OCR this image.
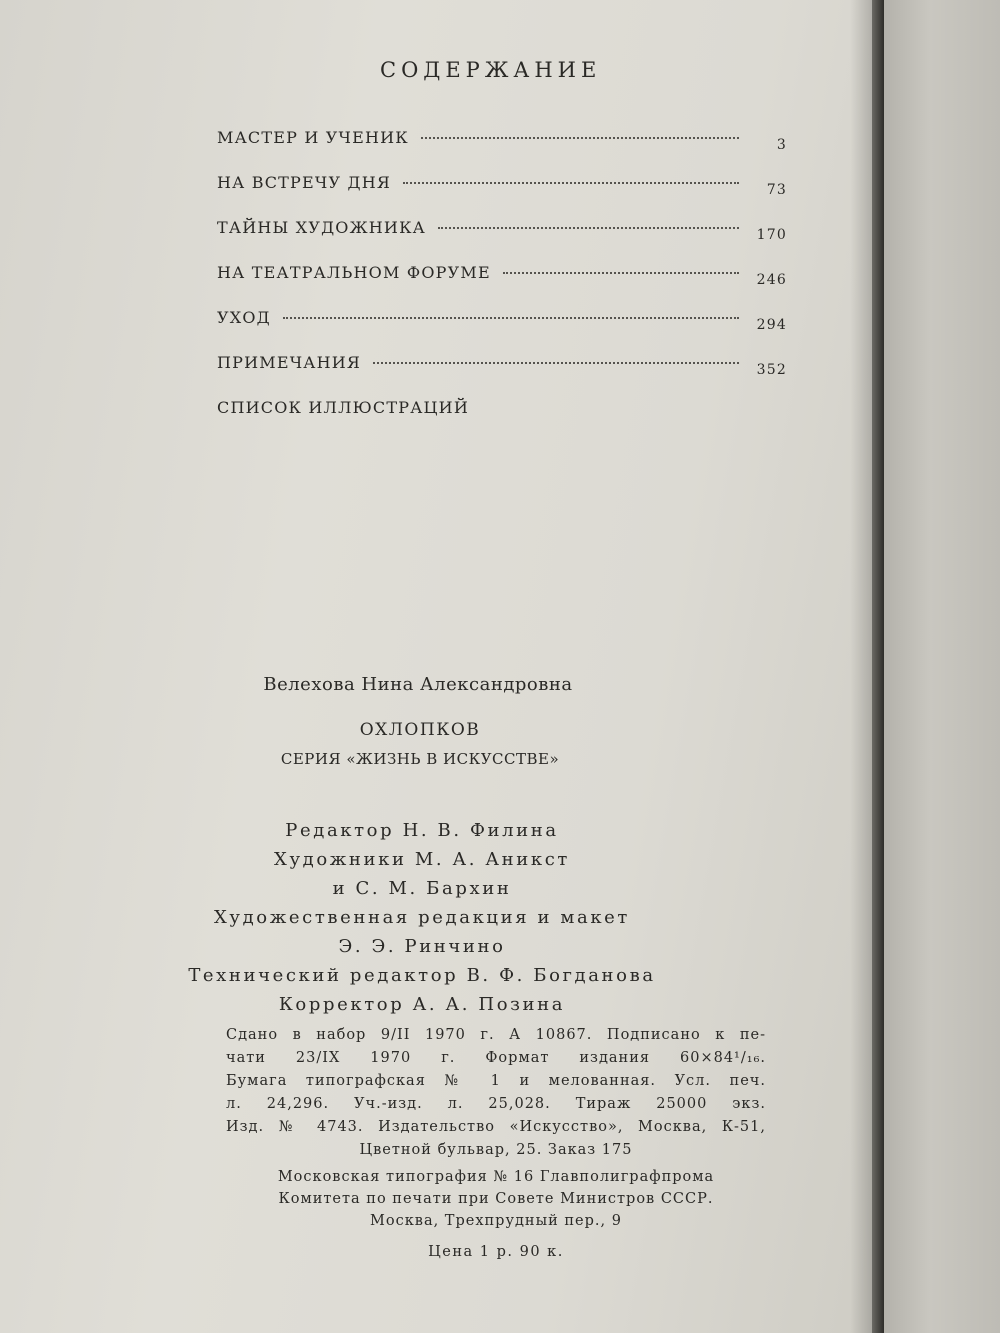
СОДЕРЖАНИЕ
МАСТЕР И УЧЕНИК	3
НА ВСТРЕЧУ ДНЯ	73
ТАЙНЫ ХУДОЖНИКА	170
НА ТЕАТРАЛЬНОМ ФОРУМЕ	246
УХОД	294
ПРИМЕЧАНИЯ	352
СПИСОК ИЛЛЮСТРАЦИЙ
Велехова Нина Александровна
ОХЛОПКОВ
СЕРИЯ «ЖИЗНЬ В ИСКУССТВЕ»
Редактор Н. В. Филина
Художники М. А. Аникст
и С. М. Бархин
Художественная редакция и макет
Э. Э. Ринчино
Технический редактор В. Ф. Богданова
Корректор А. А. Позина
Сдано в набор 9/II 1970 г. А 10867. Подписано к пе-
чати 23/IX 1970 г. Формат издания 60×84¹/₁₆.
Бумага типографская № 1 и мелованная. Усл. печ.
л. 24,296. Уч.-изд. л. 25,028. Тираж 25000 экз.
Изд. № 4743. Издательство «Искусство», Москва, К-51,
Цветной бульвар, 25. Заказ 175
Московская типография № 16 Главполиграфпрома
Комитета по печати при Совете Министров СССР.
Москва, Трехпрудный пер., 9
Цена 1 р. 90 к.
